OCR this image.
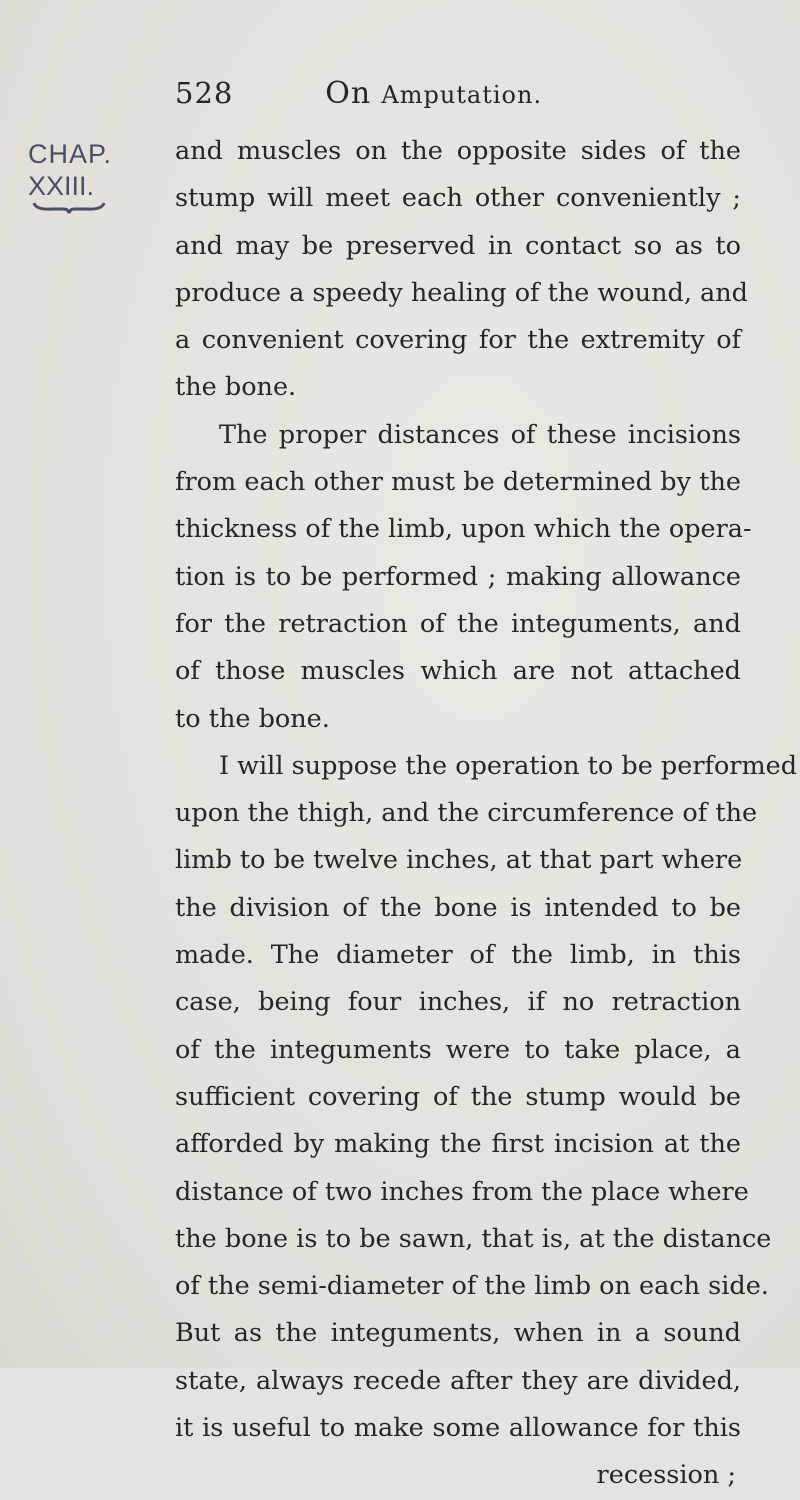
528	On Amputation.
CHAP.
XXIII.
and muscles on the opposite sides of the
stump will meet each other conveniently ;
and may be preserved in contact so as to
produce a speedy healing of the wound, and
a convenient covering for the extremity of
the bone.
The proper distances of these incisions
from each other must be determined by the
thickness of the limb, upon which the opera-
tion is to be performed ; making allowance
for the retraction of the integuments, and
of those muscles which are not attached
to the bone.
I will suppose the operation to be performed
upon the thigh, and the circumference of the
limb to be twelve inches, at that part where
the division of the bone is intended to be
made. The diameter of the limb, in this
case, being four inches, if no retraction
of the integuments were to take place, a
sufficient covering of the stump would be
afforded by making the first incision at the
distance of two inches from the place where
the bone is to be sawn, that is, at the distance
of the semi-diameter of the limb on each side.
But as the integuments, when in a sound
state, always recede after they are divided,
it is useful to make some allowance for this
recession ;
